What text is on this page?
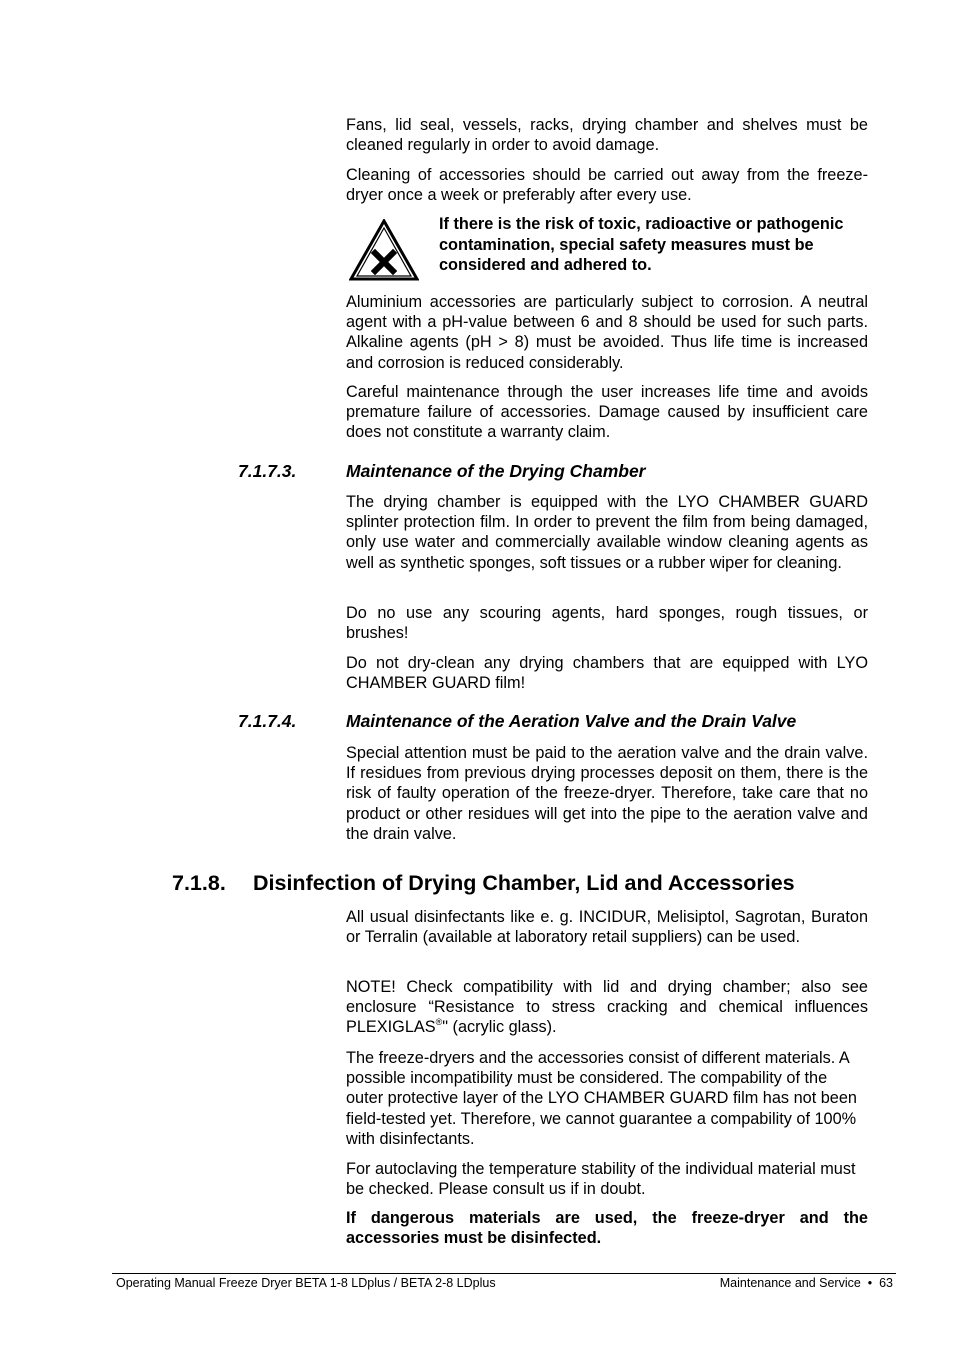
Fans, lid seal, vessels, racks, drying chamber and shelves must be cleaned regularly in order to avoid damage.

Cleaning of accessories should be carried out away from the freeze-dryer once a week or preferably after every use.

If there is the risk of toxic, radioactive or pathogenic contamination, special safety measures must be considered and adhered to.

Aluminium accessories are particularly subject to corrosion. A neutral agent with a pH-value between 6 and 8 should be used for such parts. Alkaline agents (pH > 8) must be avoided. Thus life time is increased and corrosion is reduced considerably.

Careful maintenance through the user increases life time and avoids premature failure of accessories. Damage caused by insufficient care does not constitute a warranty claim.

7.1.7.3.	Maintenance of the Drying Chamber

The drying chamber is equipped with the LYO CHAMBER GUARD splinter protection film. In order to prevent the film from being damaged, only use water and commercially available window cleaning agents as well as synthetic sponges, soft tissues or a rubber wiper for cleaning.

Do no use any scouring agents, hard sponges, rough tissues, or brushes!

Do not dry-clean any drying chambers that are equipped with LYO CHAMBER GUARD film!

7.1.7.4.	Maintenance of the Aeration Valve and the Drain Valve

Special attention must be paid to the aeration valve and the drain valve. If residues from previous drying processes deposit on them, there is the risk of faulty operation of the freeze-dryer. Therefore, take care that no product or other residues will get into the pipe to the aeration valve and the drain valve.

7.1.8. Disinfection of Drying Chamber, Lid and Accessories

All usual disinfectants like e. g. INCIDUR, Melisiptol, Sagrotan, Buraton or Terralin (available at laboratory retail suppliers) can be used.

NOTE! Check compatibility with lid and drying chamber; also see enclosure “Resistance to stress cracking and chemical influences PLEXIGLAS®" (acrylic glass).

The freeze-dryers and the accessories consist of different materials. A possible incompatibility must be considered. The compability of the outer protective layer of the LYO CHAMBER GUARD film has not been field-tested yet. Therefore, we cannot guarantee a compability of 100% with disinfectants.

For autoclaving the temperature stability of the individual material must be checked. Please consult us if in doubt.

If dangerous materials are used, the freeze-dryer and the accessories must be disinfected.

Operating Manual Freeze Dryer BETA 1-8 LDplus / BETA 2-8 LDplus	Maintenance and Service  •  63
